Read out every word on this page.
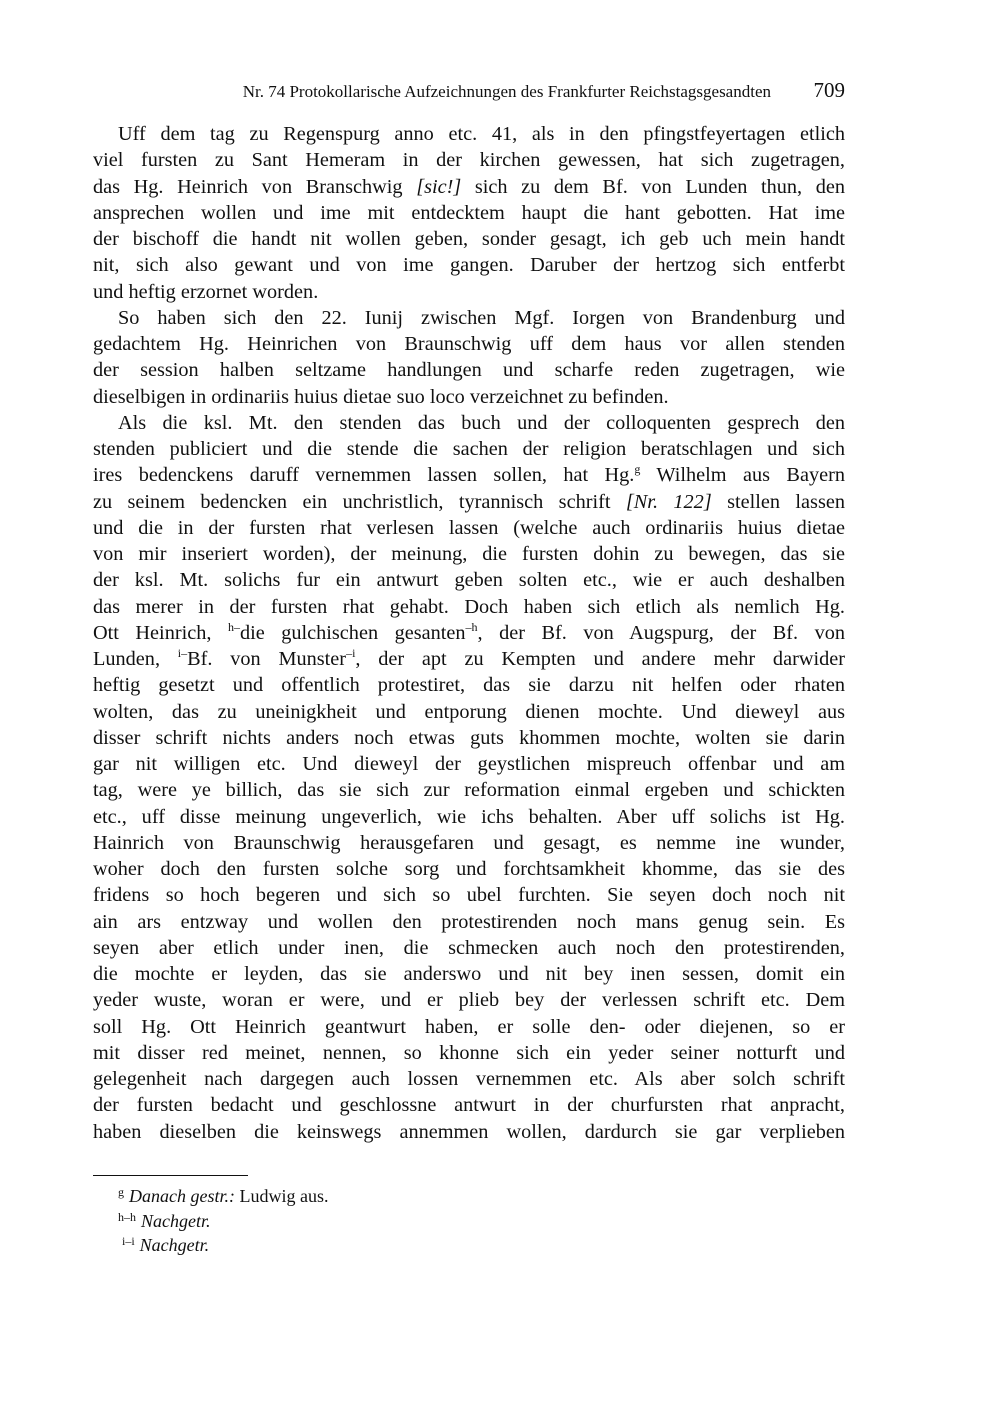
Nr. 74 Protokollarische Aufzeichnungen des Frankfurter Reichstagsgesandten 709
Uff dem tag zu Regenspurg anno etc. 41, als in den pfingstfeyertagen etlich
viel fursten zu Sant Hemeram in der kirchen gewessen, hat sich zugetragen,
das Hg. Heinrich von Branschwig [sic!] sich zu dem Bf. von Lunden thun, den
ansprechen wollen und ime mit entdecktem haupt die hant gebotten. Hat ime
der bischoff die handt nit wollen geben, sonder gesagt, ich geb uch mein handt
nit, sich also gewant und von ime gangen. Daruber der hertzog sich entferbt
und heftig erzornet worden.
So haben sich den 22. Iunij zwischen Mgf. Iorgen von Brandenburg und
gedachtem Hg. Heinrichen von Braunschwig uff dem haus vor allen stenden
der session halben seltzame handlungen und scharfe reden zugetragen, wie
dieselbigen in ordinariis huius dietae suo loco verzeichnet zu befinden.
Als die ksl. Mt. den stenden das buch und der colloquenten gesprech den
stenden publiciert und die stende die sachen der religion beratschlagen und sich
ires bedenckens daruff vernemmen lassen sollen, hat Hg.$^g$ Wilhelm aus Bayern
zu seinem bedencken ein unchristlich, tyrannisch schrift [Nr. 122] stellen lassen
und die in der fursten rhat verlesen lassen (welche auch ordinariis huius dietae
von mir inseriert worden), der meinung, die fursten dohin zu bewegen, das sie
der ksl. Mt. solichs fur ein antwurt geben solten etc., wie er auch deshalben
das merer in der fursten rhat gehabt. Doch haben sich etlich als nemlich Hg.
Ott Heinrich, $^{h-}$die gulchischen gesanten$^{-h}$, der Bf. von Augspurg, der Bf. von
Lunden, $^{i-}$Bf. von Munster$^{-i}$, der apt zu Kempten und andere mehr darwider
heftig gesetzt und offentlich protestiret, das sie darzu nit helfen oder rhaten
wolten, das zu uneinigkheit und entporung dienen mochte. Und dieweyl aus
disser schrift nichts anders noch etwas guts khommen mochte, wolten sie darin
gar nit willigen etc. Und dieweyl der geystlichen mispreuch offenbar und am
tag, were ye billich, das sie sich zur reformation einmal ergeben und schickten
etc., uff disse meinung ungeverlich, wie ichs behalten. Aber uff solichs ist Hg.
Hainrich von Braunschwig herausgefaren und gesagt, es nemme ine wunder,
woher doch den fursten solche sorg und forchtsamkheit khomme, das sie des
fridens so hoch begeren und sich so ubel furchten. Sie seyen doch noch nit
ain ars entzway und wollen den protestirenden noch mans genug sein. Es
seyen aber etlich under inen, die schmecken auch noch den protestirenden,
die mochte er leyden, das sie anderswo und nit bey inen sessen, domit ein
yeder wuste, woran er were, und er plieb bey der verlessen schrift etc. Dem
soll Hg. Ott Heinrich geantwurt haben, er solle den- oder diejenen, so er
mit disser red meinet, nennen, so khonne sich ein yeder seiner notturft und
gelegenheit nach dargegen auch lossen vernemmen etc. Als aber solch schrift
der fursten bedacht und geschlossne antwurt in der churfursten rhat anpracht,
haben dieselben die keinswegs annemmen wollen, dardurch sie gar verplieben
$^g$ Danach gestr.: Ludwig aus.
$^{h-h}$ Nachgetr.
$^{i-i}$ Nachgetr.
